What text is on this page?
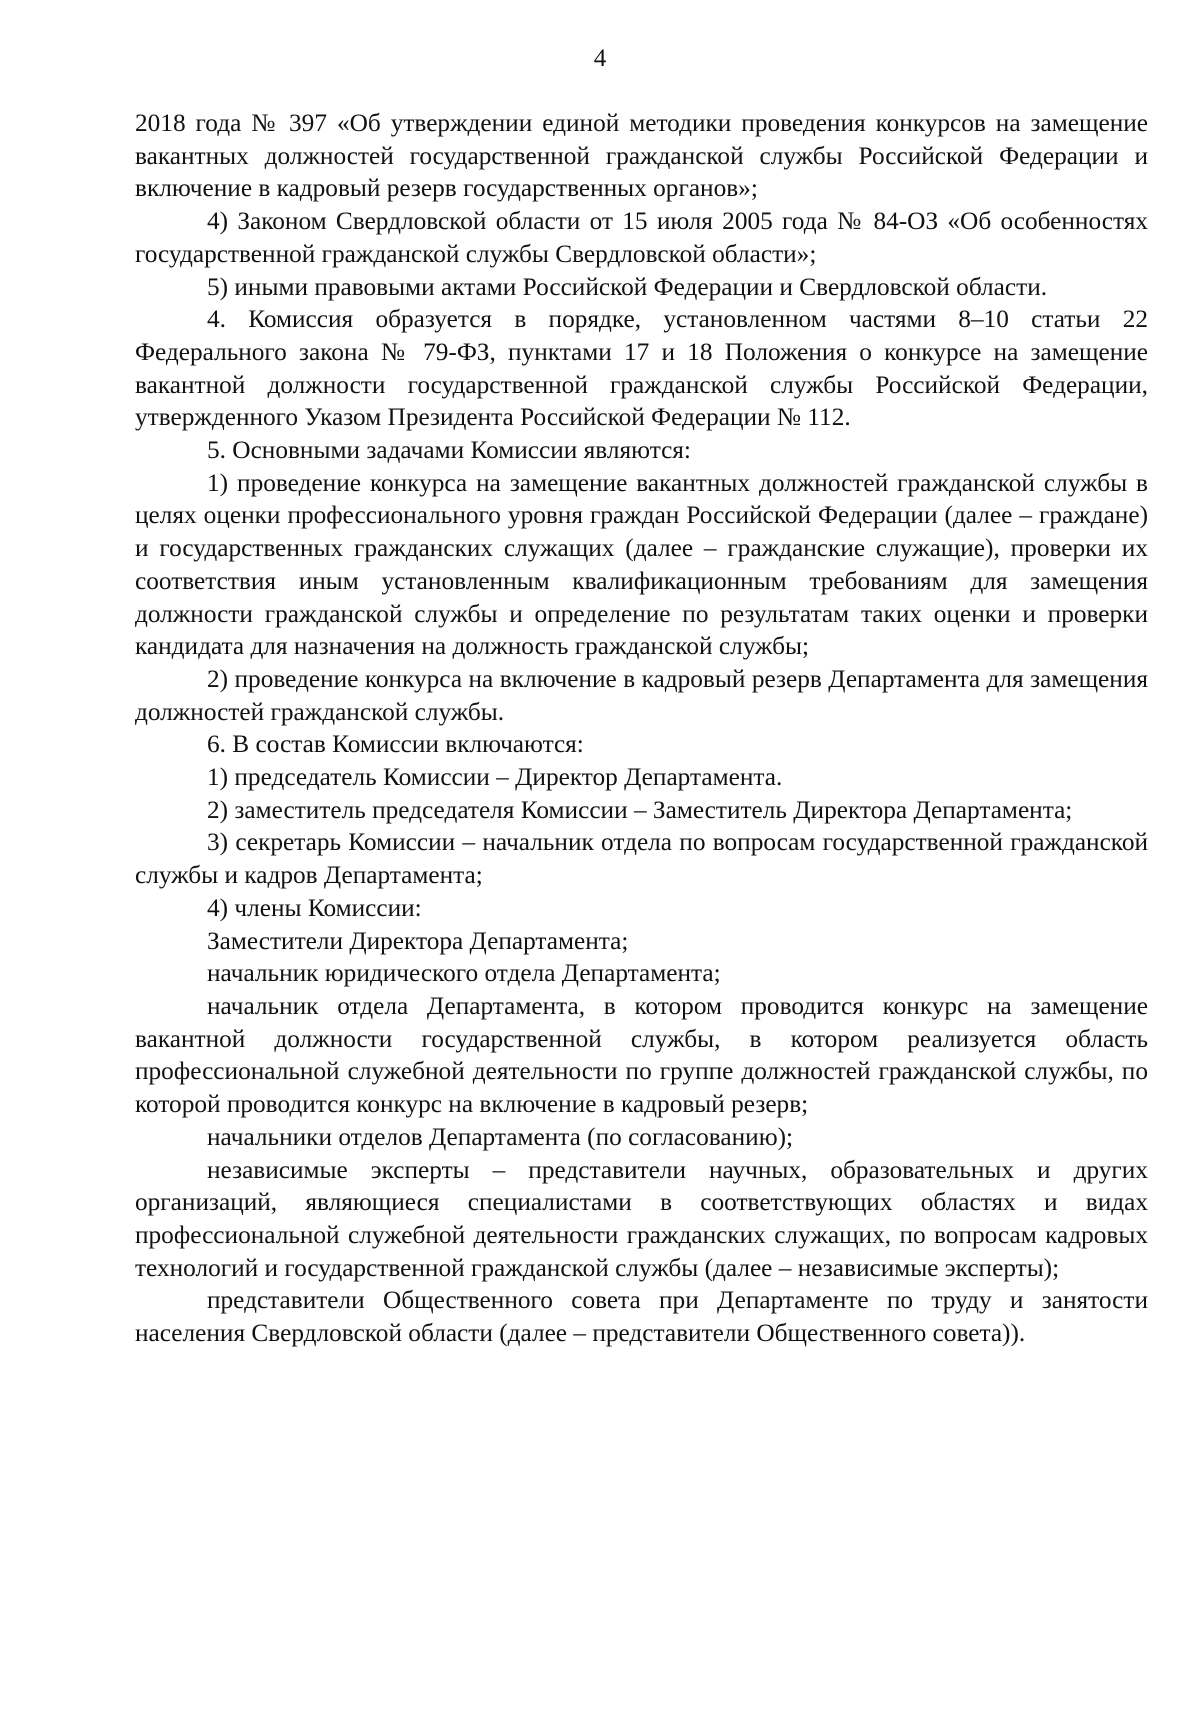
4

2018 года № 397 «Об утверждении единой методики проведения конкурсов на замещение вакантных должностей государственной гражданской службы Российской Федерации и включение в кадровый резерв государственных органов»;

4) Законом Свердловской области от 15 июля 2005 года № 84-ОЗ «Об особенностях государственной гражданской службы Свердловской области»;

5) иными правовыми актами Российской Федерации и Свердловской области.

4. Комиссия образуется в порядке, установленном частями 8–10 статьи 22 Федерального закона № 79-ФЗ, пунктами 17 и 18 Положения о конкурсе на замещение вакантной должности государственной гражданской службы Российской Федерации, утвержденного Указом Президента Российской Федерации № 112.

5. Основными задачами Комиссии являются:

1) проведение конкурса на замещение вакантных должностей гражданской службы в целях оценки профессионального уровня граждан Российской Федерации (далее – граждане) и государственных гражданских служащих (далее – гражданские служащие), проверки их соответствия иным установленным квалификационным требованиям для замещения должности гражданской службы и определение по результатам таких оценки и проверки кандидата для назначения на должность гражданской службы;

2) проведение конкурса на включение в кадровый резерв Департамента для замещения должностей гражданской службы.

6. В состав Комиссии включаются:

1) председатель Комиссии – Директор Департамента.

2) заместитель председателя Комиссии – Заместитель Директора Департамента;

3) секретарь Комиссии – начальник отдела по вопросам государственной гражданской службы и кадров Департамента;

4) члены Комиссии:

Заместители Директора Департамента;

начальник юридического отдела Департамента;

начальник отдела Департамента, в котором проводится конкурс на замещение вакантной должности государственной службы, в котором реализуется область профессиональной служебной деятельности по группе должностей гражданской службы, по которой проводится конкурс на включение в кадровый резерв;

начальники отделов Департамента (по согласованию);

независимые эксперты – представители научных, образовательных и других организаций, являющиеся специалистами в соответствующих областях и видах профессиональной служебной деятельности гражданских служащих, по вопросам кадровых технологий и государственной гражданской службы (далее – независимые эксперты);

представители Общественного совета при Департаменте по труду и занятости населения Свердловской области (далее – представители Общественного совета)).
